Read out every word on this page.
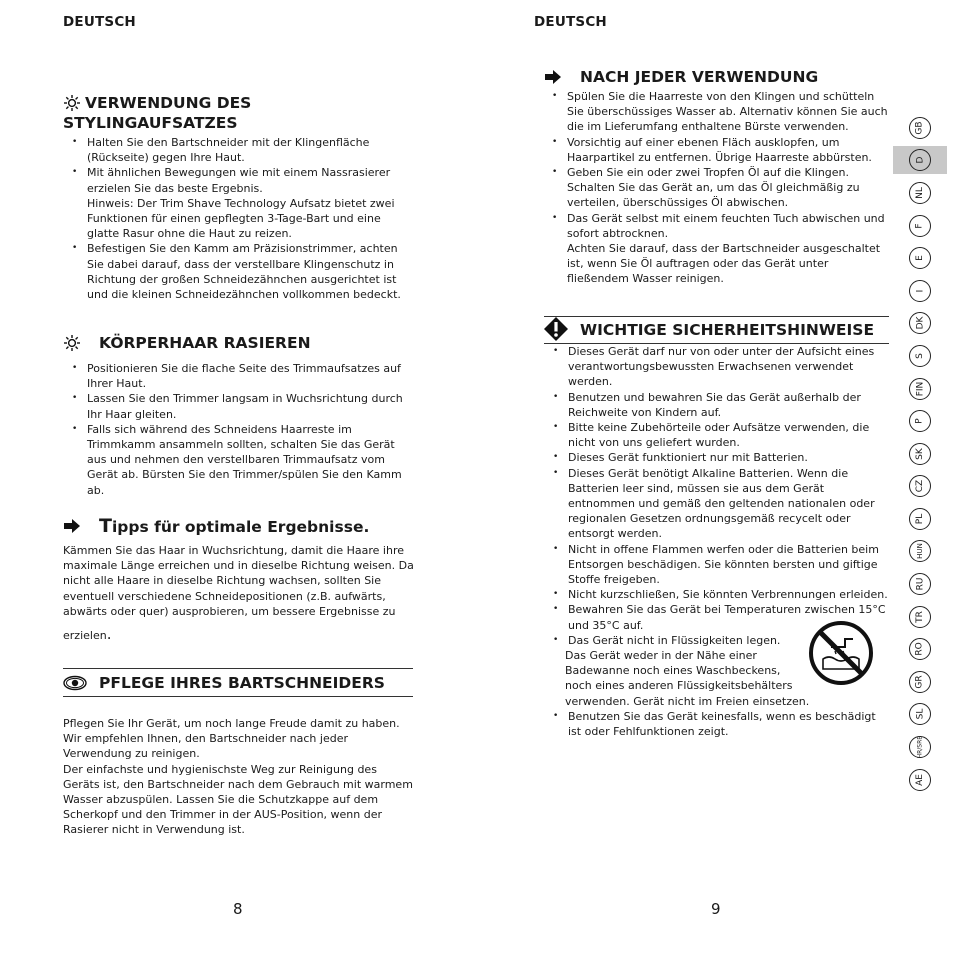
DEUTSCH
VERWENDUNG DES
STYLINGAUFSATZES
• Halten Sie den Bartschneider mit der Klingenfläche (Rückseite) gegen Ihre Haut.
• Mit ähnlichen Bewegungen wie mit einem Nassrasierer erzielen Sie das beste Ergebnis.
Hinweis: Der Trim Shave Technology Aufsatz bietet zwei Funktionen für einen gepflegten 3-Tage-Bart und eine glatte Rasur ohne die Haut zu reizen.
• Befestigen Sie den Kamm am Präzisionstrimmer, achten Sie dabei darauf, dass der verstellbare Klingenschutz in Richtung der großen Schneidezähnchen ausgerichtet ist und die kleinen Schneidezähnchen vollkommen bedeckt.
KÖRPERHAAR RASIEREN
• Positionieren Sie die flache Seite des Trimmaufsatzes auf Ihrer Haut.
• Lassen Sie den Trimmer langsam in Wuchsrichtung durch Ihr Haar gleiten.
• Falls sich während des Schneidens Haarreste im Trimmkamm ansammeln sollten, schalten Sie das Gerät aus und nehmen den verstellbaren Trimmaufsatz vom Gerät ab. Bürsten Sie den Trimmer/spülen Sie den Kamm ab.
Tipps für optimale Ergebnisse.

Kämmen Sie das Haar in Wuchsrichtung, damit die Haare ihre maximale Länge erreichen und in dieselbe Richtung weisen. Da nicht alle Haare in dieselbe Richtung wachsen, sollten Sie eventuell verschiedene Schneidepositionen (z.B. aufwärts, abwärts oder quer) ausprobieren, um bessere Ergebnisse zu

erzielen.

PFLEGE IHRES BARTSCHNEIDERS

Pflegen Sie Ihr Gerät, um noch lange Freude damit zu haben. Wir empfehlen Ihnen, den Bartschneider nach jeder Verwendung zu reinigen.

Der einfachste und hygienischste Weg zur Reinigung des Geräts ist, den Bartschneider nach dem Gebrauch mit warmem Wasser abzuspülen. Lassen Sie die Schutzkappe auf dem Scherkopf und den Trimmer in der AUS-Position, wenn der Rasierer nicht in Verwendung ist.

8
DEUTSCH
NACH JEDER VERWENDUNG
• Spülen Sie die Haarreste von den Klingen und schütteln Sie überschüssiges Wasser ab. Alternativ können Sie auch die im Lieferumfang enthaltene Bürste verwenden.
• Vorsichtig auf einer ebenen Fläch ausklopfen, um Haarpartikel zu entfernen. Übrige Haarreste abbürsten.
• Geben Sie ein oder zwei Tropfen Öl auf die Klingen. Schalten Sie das Gerät an, um das Öl gleichmäßig zu verteilen, überschüssiges Öl abwischen.
• Das Gerät selbst mit einem feuchten Tuch abwischen und sofort abtrocknen.
Achten Sie darauf, dass der Bartschneider ausgeschaltet ist, wenn Sie Öl auftragen oder das Gerät unter fließendem Wasser reinigen.
WICHTIGE SICHERHEITSHINWEISE
• Dieses Gerät darf nur von oder unter der Aufsicht eines verantwortungsbewussten Erwachsenen verwendet werden.
• Benutzen und bewahren Sie das Gerät außerhalb der Reichweite von Kindern auf.
• Bitte keine Zubehörteile oder Aufsätze verwenden, die nicht von uns geliefert wurden.
• Dieses Gerät funktioniert nur mit Batterien.
• Dieses Gerät benötigt Alkaline Batterien. Wenn die Batterien leer sind, müssen sie aus dem Gerät entnommen und gemäß den geltenden nationalen oder regionalen Gesetzen ordnungsgemäß recycelt oder entsorgt werden.
• Nicht in offene Flammen werfen oder die Batterien beim Entsorgen beschädigen. Sie könnten bersten und giftige Stoffe freigeben.
• Nicht kurzschließen, Sie könnten Verbrennungen erleiden.
• Bewahren Sie das Gerät bei Temperaturen zwischen 15°C und 35°C auf.
• Das Gerät nicht in Flüssigkeiten legen.
Das Gerät weder in der Nähe einer
Badewanne noch eines Waschbeckens,
noch eines anderen Flüssigkeitsbehälters
verwenden. Gerät nicht im Freien einsetzen.
• Benutzen Sie das Gerät keinesfalls, wenn es beschädigt ist oder Fehlfunktionen zeigt.
9
GB
D
NL
F
E
I
DK
S
FIN
P
SK
CZ
PL
HUN
RU
TR
RO
GR
SL
HR/SRB
AE
